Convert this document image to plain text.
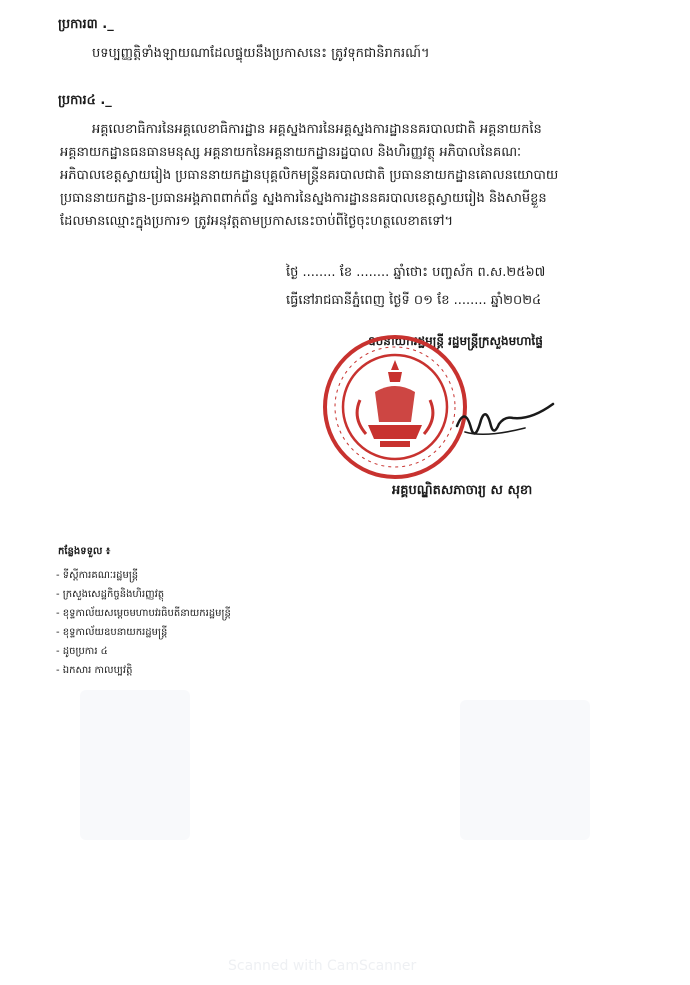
ប្រការ៣ ._
បទប្បញ្ញត្តិទាំងឡាយណាដែលផ្ទុយនឹងប្រកាសនេះ ត្រូវទុកជានិរាករណ៍។
ប្រការ៤ ._
អគ្គលេខាធិការនៃអគ្គលេខាធិការដ្ឋាន អគ្គស្នងការនៃអគ្គស្នងការដ្ឋាននគរបាលជាតិ អគ្គនាយកនៃ
អគ្គនាយកដ្ឋានធនធានមនុស្ស អគ្គនាយកនៃអគ្គនាយកដ្ឋានរដ្ឋបាល និងហិរញ្ញវត្ថុ អភិបាលនៃគណៈ
អភិបាលខេត្តស្វាយរៀង ប្រធាននាយកដ្ឋានបុគ្គលិកមន្ត្រីនគរបាលជាតិ ប្រធាននាយកដ្ឋានគោលនយោបាយ
ប្រធាននាយកដ្ឋាន-ប្រធានអង្គភាពពាក់ព័ន្ធ ស្នងការនៃស្នងការដ្ឋាននគរបាលខេត្តស្វាយរៀង និងសាមីខ្លួន
ដែលមានឈ្មោះក្នុងប្រការ១ ត្រូវអនុវត្តតាមប្រកាសនេះចាប់ពីថ្ងៃចុះហត្ថលេខាតទៅ។
ថ្ងៃ ........ ខែ ........ ឆ្នាំថោះ បញ្ចស័ក ព.ស.២៥៦៧
ធ្វើនៅរាជធានីភ្នំពេញ ថ្ងៃទី ០១ ខែ ........ ឆ្នាំ២០២៤
ឧបនាយករដ្ឋមន្ត្រី រដ្ឋមន្ត្រីក្រសួងមហាផ្ទៃ
អគ្គបណ្ឌិតសភាចារ្យ ស សុខា
កន្លែងទទួល ៖
- ទីស្តីការគណៈរដ្ឋមន្ត្រី
- ក្រសួងសេដ្ឋកិច្ចនិងហិរញ្ញវត្ថុ
- ខុទ្ទកាល័យសម្តេចមហាបវរធិបតីនាយករដ្ឋមន្ត្រី
- ខុទ្ទកាល័យឧបនាយករដ្ឋមន្ត្រី
- ដូចប្រការ ៤
- ឯកសារ កាលប្បវត្តិ
Scanned with CamScanner
